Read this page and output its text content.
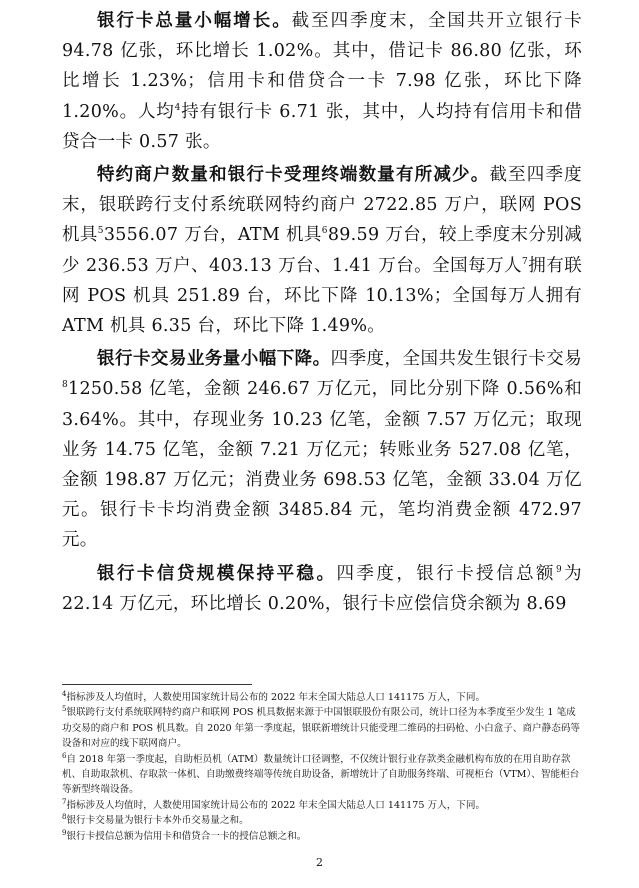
银行卡总量小幅增长。截至四季度末，全国共开立银行卡 94.78 亿张，环比增长 1.02%。其中，借记卡 86.80 亿张，环比增长 1.23%；信用卡和借贷合一卡 7.98 亿张，环比下降 1.20%。人均$^4$持有银行卡 6.71 张，其中，人均持有信用卡和借贷合一卡 0.57 张。

特约商户数量和银行卡受理终端数量有所减少。截至四季度末，银联跨行支付系统联网特约商户 2722.85 万户，联网 POS 机具$^5$3556.07 万台，ATM 机具$^6$89.59 万台，较上季度末分别减少 236.53 万户、403.13 万台、1.41 万台。全国每万人$^7$拥有联网 POS 机具 251.89 台，环比下降 10.13%；全国每万人拥有 ATM 机具 6.35 台，环比下降 1.49%。

银行卡交易业务量小幅下降。四季度，全国共发生银行卡交易$^8$1250.58 亿笔，金额 246.67 万亿元，同比分别下降 0.56%和 3.64%。其中，存现业务 10.23 亿笔，金额 7.57 万亿元；取现业务 14.75 亿笔，金额 7.21 万亿元；转账业务 527.08 亿笔，金额 198.87 万亿元；消费业务 698.53 亿笔，金额 33.04 万亿元。银行卡卡均消费金额 3485.84 元，笔均消费金额 472.97 元。

银行卡信贷规模保持平稳。四季度，银行卡授信总额$^9$为 22.14 万亿元，环比增长 0.20%，银行卡应偿信贷余额为 8.69

$^4$指标涉及人均值时，人数使用国家统计局公布的 2022 年末全国大陆总人口 141175 万人，下同。

$^5$银联跨行支付系统联网特约商户和联网 POS 机具数据来源于中国银联股份有限公司，统计口径为本季度至少发生 1 笔成功交易的商户和 POS 机具数。自 2020 年第一季度起，银联新增统计只能受理二维码的扫码枪、小白盒子、商户静态码等设备和对应的线下联网商户。

$^6$自 2018 年第一季度起，自助柜员机（ATM）数量统计口径调整，不仅统计银行业存款类金融机构布放的在用自助存款机、自助取款机、存取款一体机、自助缴费终端等传统自助设备，新增统计了自助服务终端、可视柜台（VTM）、智能柜台等新型终端设备。

$^7$指标涉及人均值时，人数使用国家统计局公布的 2022 年末全国大陆总人口 141175 万人，下同。

$^8$银行卡交易量为银行卡本外币交易量之和。

$^9$银行卡授信总额为信用卡和借贷合一卡的授信总额之和。

2
